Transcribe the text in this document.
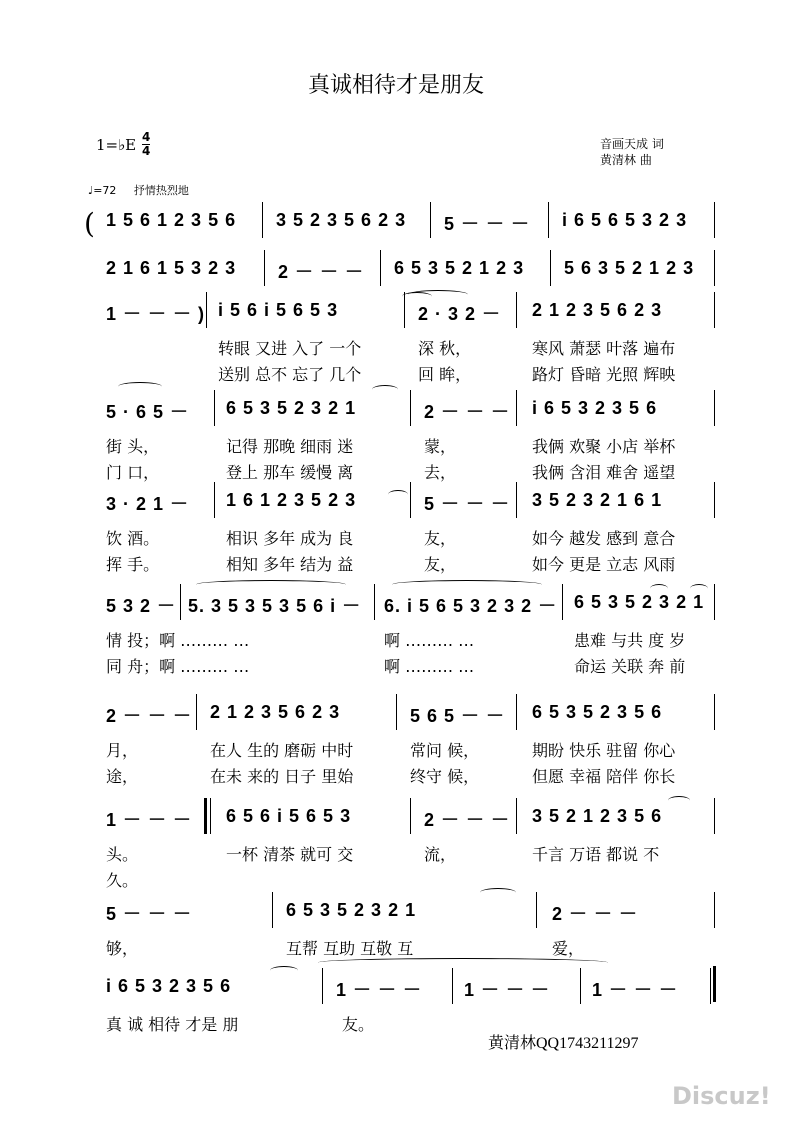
真诚相待才是朋友
1=♭E $\frac{4}{4}$	音画天成 词
黄清林 曲
♩=72 抒情热烈地
( 1 5 6 1 2 3 5 6 3 5 2 3 5 6 2 3 5 － － － i 6 5 6 5 3 2 3
2 1 6 1 5 3 2 3 2 － － － 6 5 3 5 2 1 2 3 5 6 3 5 2 1 2 3
1 － － － ) i 5 6 i 5 6 5 3	2 · 3 2 － 2 1 2 3 5 6 2 3
转眼 又进 入了 一个	深 秋，	寒风 萧瑟 叶落 遍布
送别 总不 忘了 几个	回 眸，	路灯 昏暗 光照 辉映
5 · 6 5 － 6 5 3 5 2 3 2 1	2 － － － i 6 5 3 2 3 5 6
街 头，	记得 那晚 细雨 迷	蒙，	我俩 欢聚 小店 举杯
门 口，	登上 那车 缓慢 离	去，	我俩 含泪 难舍 遥望
3 · 2 1 － 1 6 1 2 3 5 2 3	5 － － － 3 5 2 3 2 1 6 1
饮 酒。	相识 多年 成为 良	友，	如今 越发 感到 意合
挥 手。	相知 多年 结为 益	友，	如今 更是 立志 风雨
5 3 2 － 5. 3 5 3 5 3 5 6 i － 6. i 5 6 5 3 2 3 2 － 6 5 3 5 2 3 2 1
情 投；啊 ……… …	啊 ……… …	患难 与共 度 岁
同 舟；啊 ……… …	啊 ……… …	命运 关联 奔 前
2 － － － 2 1 2 3 5 6 2 3	5 6 5 － － 6 5 3 5 2 3 5 6
月，	在人 生的 磨砺 中时	常问 候，	期盼 快乐 驻留 你心
途，	在未 来的 日子 里始	终守 候，	但愿 幸福 陪伴 你长
1 － － － 6 5 6 i 5 6 5 3	2 － － － 3 5 2 1 2 3 5 6
头。	一杯 清茶 就可 交	流，	千言 万语 都说 不
久。
5 － － －	6 5 3 5 2 3 2 1	2 － － －
够，	互帮 互助 互敬 互	爱，
i 6 5 3 2 3 5 6	1 － － － 1 － － － 1 － － －
真 诚 相待 才是 朋	友。
黄清林QQ1743211297
Discuz!
